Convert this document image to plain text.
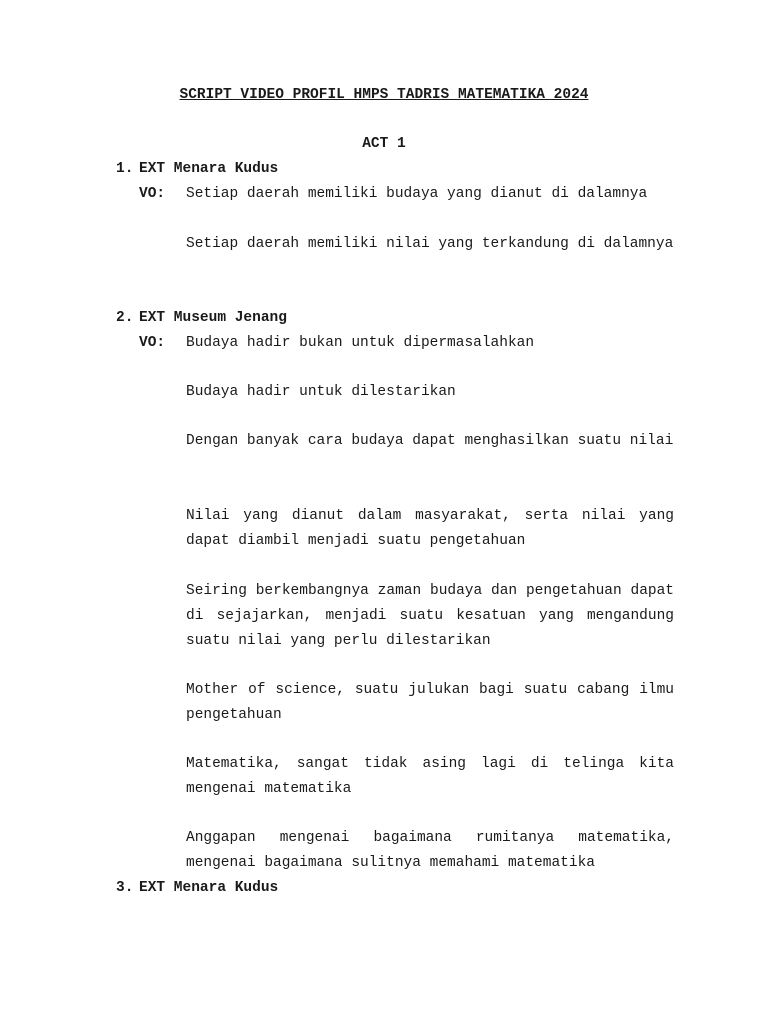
SCRIPT VIDEO PROFIL HMPS TADRIS MATEMATIKA 2024
ACT 1
1. EXT Menara Kudus
VO:	Setiap daerah memiliki budaya yang dianut di dalamnya
Setiap daerah memiliki nilai yang terkandung di dalamnya
2. EXT Museum Jenang
VO: Budaya hadir bukan untuk dipermasalahkan
Budaya hadir untuk dilestarikan
Dengan banyak cara budaya dapat menghasilkan suatu nilai
Nilai yang dianut dalam masyarakat, serta nilai yang dapat diambil menjadi suatu pengetahuan
Seiring berkembangnya zaman budaya dan pengetahuan dapat di sejajarkan, menjadi suatu kesatuan yang mengandung suatu nilai yang perlu dilestarikan
Mother of science, suatu julukan bagi suatu cabang ilmu pengetahuan
Matematika, sangat tidak asing lagi di telinga kita mengenai matematika
Anggapan mengenai bagaimana rumitanya matematika, mengenai bagaimana sulitnya memahami matematika
3. EXT Menara Kudus
